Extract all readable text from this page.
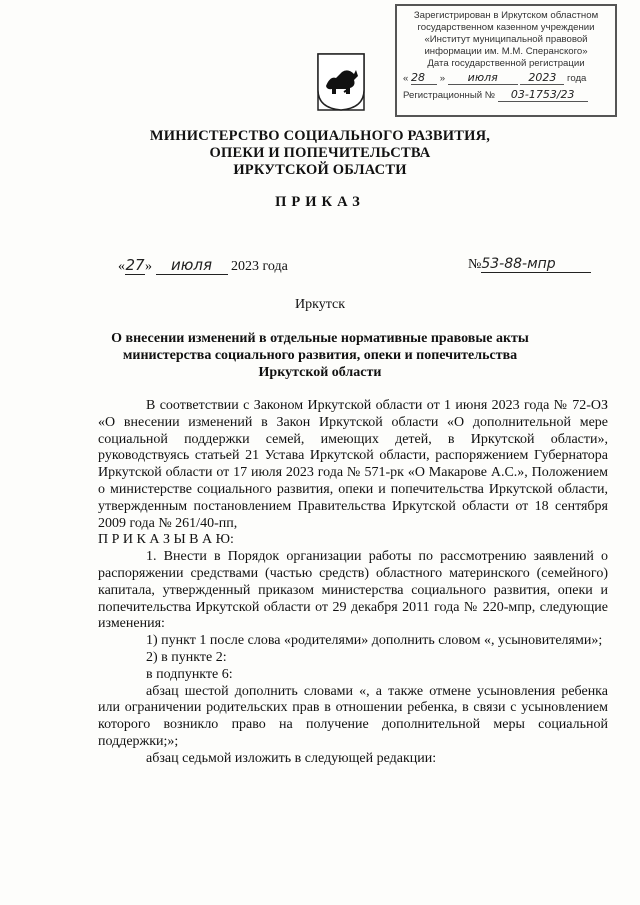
Зарегистрирован в Иркутском областном
государственном казенном учреждении
«Институт муниципальной правовой
информации им. М.М. Сперанского»
Дата государственной регистрации
« 28 » июля	2023 года
Регистрационный № 03-1753/23
МИНИСТЕРСТВО СОЦИАЛЬНОГО РАЗВИТИЯ,
ОПЕКИ И ПОПЕЧИТЕЛЬСТВА
ИРКУТСКОЙ ОБЛАСТИ
ПРИКАЗ
«27» июля 2023 года	№53-88-мпр
Иркутск
О внесении изменений в отдельные нормативные правовые акты
министерства социального развития, опеки и попечительства
Иркутской области

В соответствии с Законом Иркутской области от 1 июня 2023 года № 72-ОЗ «О внесении изменений в Закон Иркутской области «О дополнительной мере социальной поддержки семей, имеющих детей, в Иркутской области», руководствуясь статьей 21 Устава Иркутской области, распоряжением Губернатора Иркутской области от 17 июля 2023 года № 571-рк «О Макарове А.С.», Положением о министерстве социального развития, опеки и попечительства Иркутской области, утвержденным постановлением Правительства Иркутской области от 18 сентября 2009 года № 261/40-пп,

П Р И К А З Ы В А Ю:

1. Внести в Порядок организации работы по рассмотрению заявлений о распоряжении средствами (частью средств) областного материнского (семейного) капитала, утвержденный приказом министерства социального развития, опеки и попечительства Иркутской области от 29 декабря 2011 года № 220-мпр, следующие изменения:

1) пункт 1 после слова «родителями» дополнить словом «, усыновителями»;

2) в пункте 2:

в подпункте 6:

абзац шестой дополнить словами «, а также отмене усыновления ребенка или ограничении родительских прав в отношении ребенка, в связи с усыновлением которого возникло право на получение дополнительной меры социальной поддержки;»;

абзац седьмой изложить в следующей редакции:
